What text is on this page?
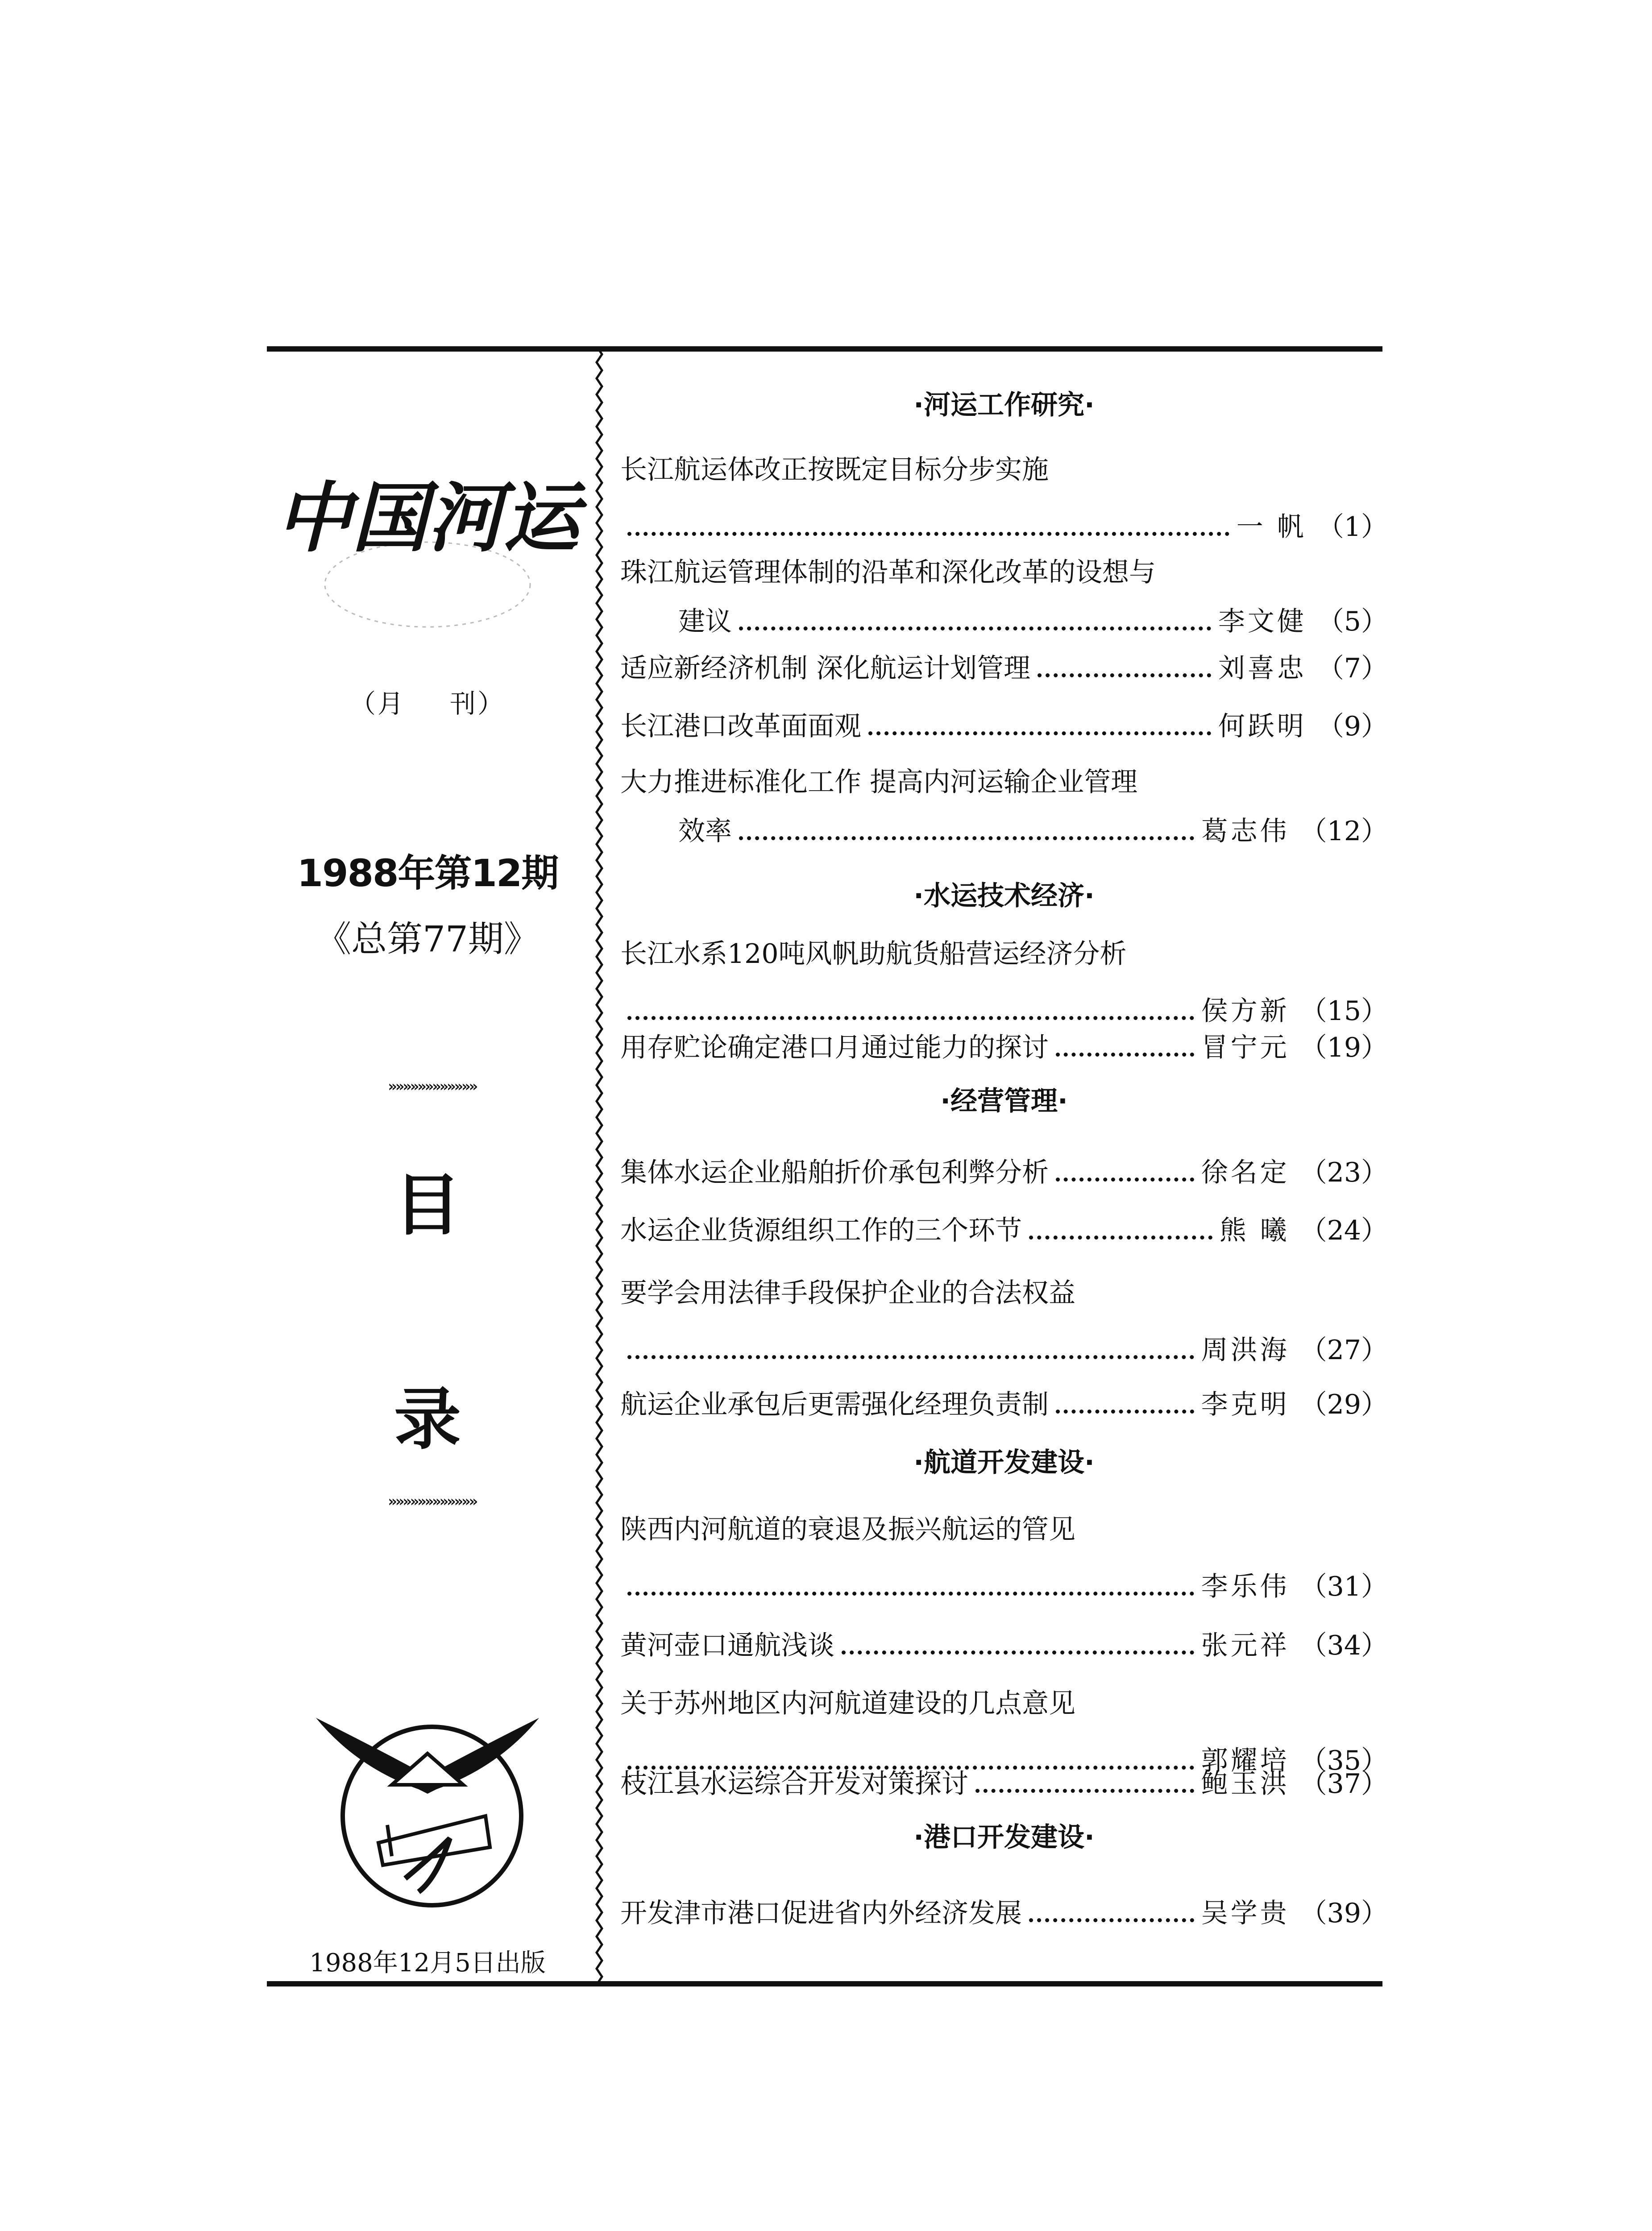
中国河运
（月 刊）
1988年第12期
《总第77期》
»»»»»»»»»»»»
目
录
»»»»»»»»»»»»
1988年12月5日出版
·河运工作研究·
长江航运体改正按既定目标分步实施
一 帆 （1）
珠江航运管理体制的沿革和深化改革的设想与
建议	李文健 （5）
适应新经济机制 深化航运计划管理	刘喜忠 （7）
长江港口改革面面观	何跃明 （9）
大力推进标准化工作 提高内河运输企业管理
效率	葛志伟 （12）
·水运技术经济·
长江水系120吨风帆助航货船营运经济分析
侯方新 （15）
用存贮论确定港口月通过能力的探讨	冒宁元 （19）
·经营管理·
集体水运企业船舶折价承包利弊分析	徐名定 （23）
水运企业货源组织工作的三个环节	熊 曦 （24）
要学会用法律手段保护企业的合法权益
周洪海 （27）
航运企业承包后更需强化经理负责制	李克明 （29）
·航道开发建设·
陕西内河航道的衰退及振兴航运的管见
李乐伟 （31）
黄河壶口通航浅谈	张元祥 （34）
关于苏州地区内河航道建设的几点意见
郭耀培 （35）
枝江县水运综合开发对策探讨	鲍玉洪 （37）
·港口开发建设·
开发津市港口促进省内外经济发展	吴学贵 （39）
